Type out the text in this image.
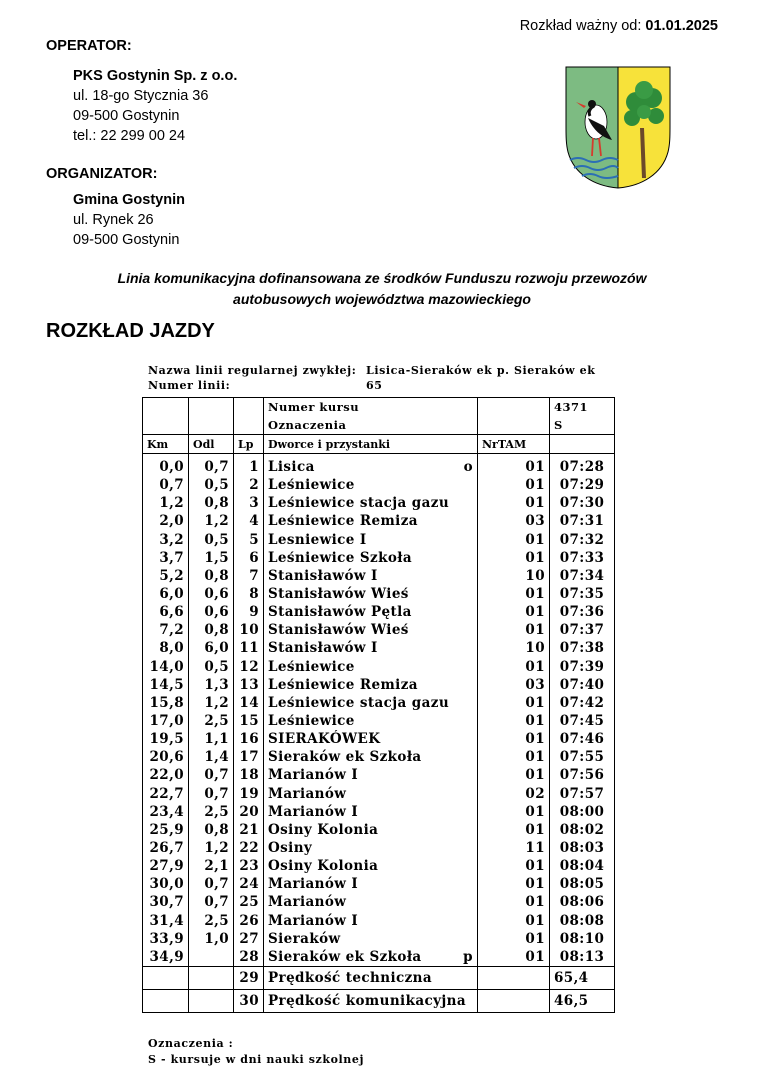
Rozkład ważny od: 01.01.2025
OPERATOR:
PKS Gostynin Sp. z o.o.
ul. 18-go Stycznia 36
09-500 Gostynin
tel.: 22 299 00 24
ORGANIZATOR:
Gmina Gostynin
ul. Rynek 26
09-500 Gostynin
Linia komunikacyjna dofinansowana ze środków Funduszu rozwoju przewozów
autobusowych województwa mazowieckiego
ROZKŁAD JAZDY
Nazwa linii regularnej zwykłej:
Numer linii:
Lisica-Sieraków ek p. Sieraków ek
65
			Numer kursu		4371
			Oznaczenia		S
Km	Odl	Lp	Dworce i przystanki	NrTAM	
0,0	0,7	1	Lisica o	01	07:28
0,7	0,5	2	Leśniewice	01	07:29
1,2	0,8	3	Leśniewice stacja gazu	01	07:30
2,0	1,2	4	Leśniewice Remiza	03	07:31
3,2	0,5	5	Lesniewice I	01	07:32
3,7	1,5	6	Leśniewice Szkoła	01	07:33
5,2	0,8	7	Stanisławów I	10	07:34
6,0	0,6	8	Stanisławów Wieś	01	07:35
6,6	0,6	9	Stanisławów Pętla	01	07:36
7,2	0,8	10	Stanisławów Wieś	01	07:37
8,0	6,0	11	Stanisławów I	10	07:38
14,0	0,5	12	Leśniewice	01	07:39
14,5	1,3	13	Leśniewice Remiza	03	07:40
15,8	1,2	14	Leśniewice stacja gazu	01	07:42
17,0	2,5	15	Leśniewice	01	07:45
19,5	1,1	16	SIERAKÓWEK	01	07:46
20,6	1,4	17	Sieraków ek Szkoła	01	07:55
22,0	0,7	18	Marianów I	01	07:56
22,7	0,7	19	Marianów	02	07:57
23,4	2,5	20	Marianów I	01	08:00
25,9	0,8	21	Osiny Kolonia	01	08:02
26,7	1,2	22	Osiny	11	08:03
27,9	2,1	23	Osiny Kolonia	01	08:04
30,0	0,7	24	Marianów I	01	08:05
30,7	0,7	25	Marianów	01	08:06
31,4	2,5	26	Marianów I	01	08:08
33,9	1,0	27	Sieraków	01	08:10
34,9		28	Sieraków ek Szkoła p	01	08:13
		29	Prędkość techniczna		65,4
		30	Prędkość komunikacyjna		46,5
Oznaczenia :
S - kursuje w dni nauki szkolnej
